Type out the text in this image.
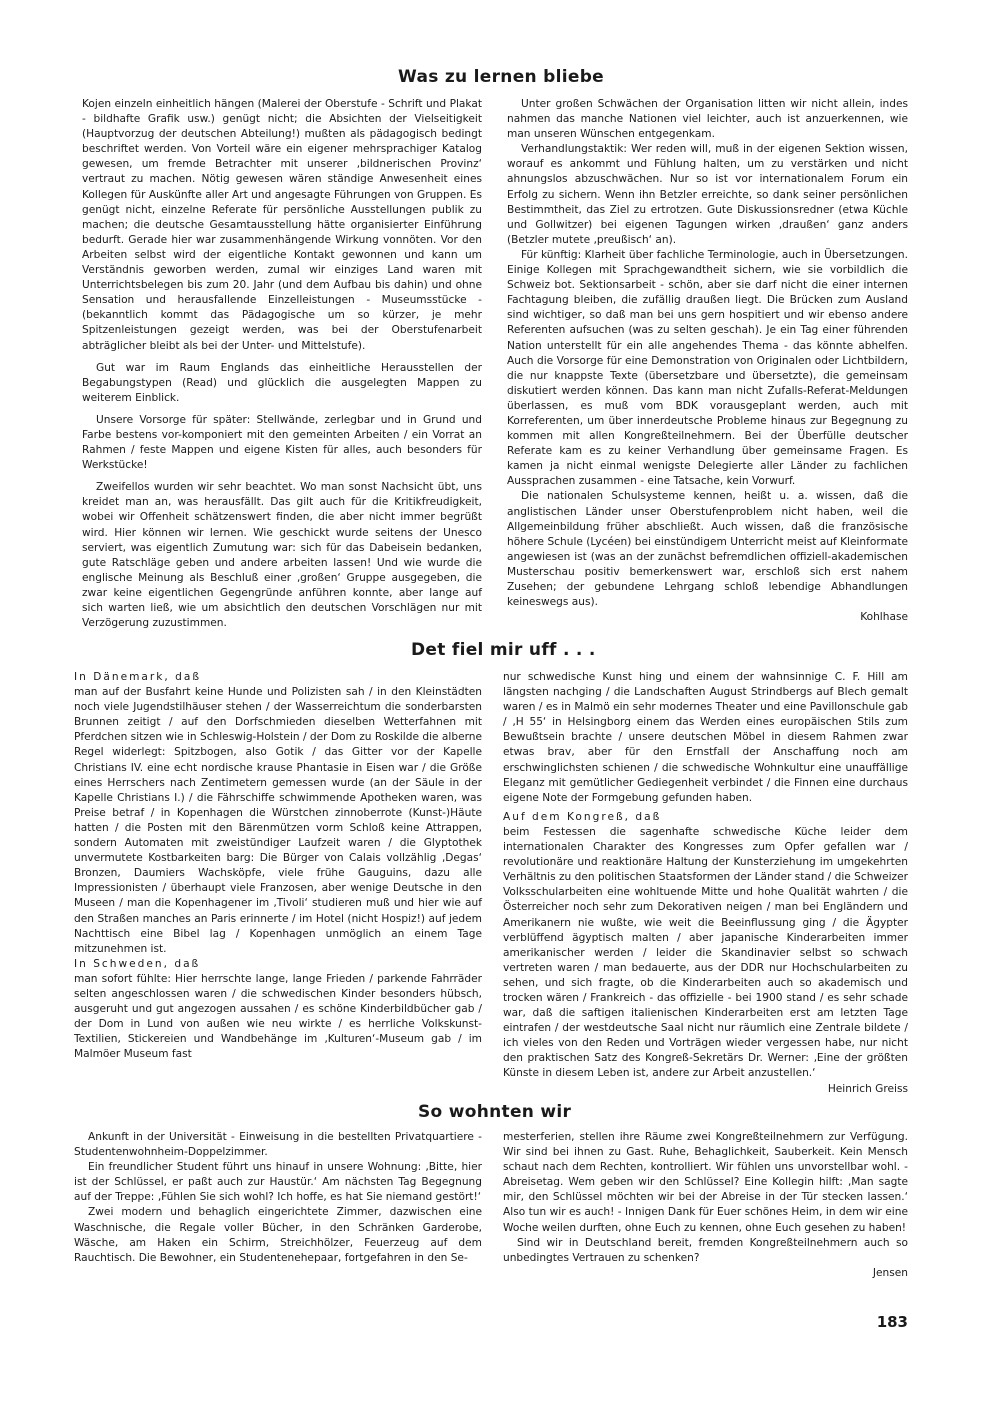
Was zu lernen bliebe

Kojen einzeln einheitlich hängen (Malerei der Oberstufe - Schrift und Plakat - bildhafte Grafik usw.) genügt nicht; die Absichten der Vielseitigkeit (Hauptvorzug der deutschen Abteilung!) mußten als pädagogisch bedingt beschriftet werden. Von Vorteil wäre ein eigener mehrsprachiger Katalog gewesen, um fremde Betrachter mit unserer ‚bildnerischen Provinz‘ vertraut zu machen. Nötig gewesen wären ständige Anwesenheit eines Kollegen für Auskünfte aller Art und angesagte Führungen von Gruppen. Es genügt nicht, einzelne Referate für persönliche Ausstellungen publik zu machen; die deutsche Gesamtausstellung hätte organisierter Einführung bedurft. Gerade hier war zusammenhängende Wirkung vonnöten. Vor den Arbeiten selbst wird der eigentliche Kontakt gewonnen und kann um Verständnis geworben werden, zumal wir einziges Land waren mit Unterrichtsbelegen bis zum 20. Jahr (und dem Aufbau bis dahin) und ohne Sensation und herausfallende Einzelleistungen - Museumsstücke - (bekanntlich kommt das Pädagogische um so kürzer, je mehr Spitzenleistungen gezeigt werden, was bei der Oberstufenarbeit abträglicher bleibt als bei der Unter- und Mittelstufe).

Gut war im Raum Englands das einheitliche Herausstellen der Begabungstypen (Read) und glücklich die ausgelegten Mappen zu weiterem Einblick.

Unsere Vorsorge für später: Stellwände, zerlegbar und in Grund und Farbe bestens vor-komponiert mit den gemeinten Arbeiten / ein Vorrat an Rahmen / feste Mappen und eigene Kisten für alles, auch besonders für Werkstücke!

Zweifellos wurden wir sehr beachtet. Wo man sonst Nachsicht übt, uns kreidet man an, was herausfällt. Das gilt auch für die Kritikfreudigkeit, wobei wir Offenheit schätzenswert finden, die aber nicht immer begrüßt wird. Hier können wir lernen. Wie geschickt wurde seitens der Unesco serviert, was eigentlich Zumutung war: sich für das Dabeisein bedanken, gute Ratschläge geben und andere arbeiten lassen! Und wie wurde die englische Meinung als Beschluß einer ‚großen‘ Gruppe ausgegeben, die zwar keine eigentlichen Gegengründe anführen konnte, aber lange auf sich warten ließ, wie um absichtlich den deutschen Vorschlägen nur mit Verzögerung zuzustimmen.

Unter großen Schwächen der Organisation litten wir nicht allein, indes nahmen das manche Nationen viel leichter, auch ist anzuerkennen, wie man unseren Wünschen entgegenkam.

Verhandlungstaktik: Wer reden will, muß in der eigenen Sektion wissen, worauf es ankommt und Fühlung halten, um zu verstärken und nicht ahnungslos abzuschwächen. Nur so ist vor internationalem Forum ein Erfolg zu sichern. Wenn ihn Betzler erreichte, so dank seiner persönlichen Bestimmtheit, das Ziel zu ertrotzen. Gute Diskussionsredner (etwa Küchle und Gollwitzer) bei eigenen Tagungen wirken ‚draußen‘ ganz anders (Betzler mutete ‚preußisch‘ an).

Für künftig: Klarheit über fachliche Terminologie, auch in Übersetzungen. Einige Kollegen mit Sprachgewandtheit sichern, wie sie vorbildlich die Schweiz bot. Sektionsarbeit - schön, aber sie darf nicht die einer internen Fachtagung bleiben, die zufällig draußen liegt. Die Brücken zum Ausland sind wichtiger, so daß man bei uns gern hospitiert und wir ebenso andere Referenten aufsuchen (was zu selten geschah). Je ein Tag einer führenden Nation unterstellt für ein alle angehendes Thema - das könnte abhelfen. Auch die Vorsorge für eine Demonstration von Originalen oder Lichtbildern, die nur knappste Texte (übersetzbare und übersetzte), die gemeinsam diskutiert werden können. Das kann man nicht Zufalls-Referat-Meldungen überlassen, es muß vom BDK vorausgeplant werden, auch mit Korreferenten, um über innerdeutsche Probleme hinaus zur Begegnung zu kommen mit allen Kongreßteilnehmern. Bei der Überfülle deutscher Referate kam es zu keiner Verhandlung über gemeinsame Fragen. Es kamen ja nicht einmal wenigste Delegierte aller Länder zu fachlichen Aussprachen zusammen - eine Tatsache, kein Vorwurf.

Die nationalen Schulsysteme kennen, heißt u. a. wissen, daß die anglistischen Länder unser Oberstufenproblem nicht haben, weil die Allgemeinbildung früher abschließt. Auch wissen, daß die französische höhere Schule (Lycéen) bei einstündigem Unterricht meist auf Kleinformate angewiesen ist (was an der zunächst befremdlichen offiziell-akademischen Musterschau positiv bemerkenswert war, erschloß sich erst nahem Zusehen; der gebundene Lehrgang schloß lebendige Abhandlungen keineswegs aus).

Kohlhase

Det fiel mir uff . . .

In Dänemark, daß

man auf der Busfahrt keine Hunde und Polizisten sah / in den Kleinstädten noch viele Jugendstilhäuser stehen / der Wasserreichtum die sonderbarsten Brunnen zeitigt / auf den Dorfschmieden dieselben Wetterfahnen mit Pferdchen sitzen wie in Schleswig-Holstein / der Dom zu Roskilde die alberne Regel widerlegt: Spitzbogen, also Gotik / das Gitter vor der Kapelle Christians IV. eine echt nordische krause Phantasie in Eisen war / die Größe eines Herrschers nach Zentimetern gemessen wurde (an der Säule in der Kapelle Christians I.) / die Fährschiffe schwimmende Apotheken waren, was Preise betraf / in Kopenhagen die Würstchen zinnoberrote (Kunst-)Häute hatten / die Posten mit den Bärenmützen vorm Schloß keine Attrappen, sondern Automaten mit zweistündiger Laufzeit waren / die Glyptothek unvermutete Kostbarkeiten barg: Die Bürger von Calais vollzählig ‚Degas‘ Bronzen, Daumiers Wachsköpfe, viele frühe Gauguins, dazu alle Impressionisten / überhaupt viele Franzosen, aber wenige Deutsche in den Museen / man die Kopenhagener im ‚Tivoli‘ studieren muß und hier wie auf den Straßen manches an Paris erinnerte / im Hotel (nicht Hospiz!) auf jedem Nachttisch eine Bibel lag / Kopenhagen unmöglich an einem Tage mitzunehmen ist.

In Schweden, daß

man sofort fühlte: Hier herrschte lange, lange Frieden / parkende Fahrräder selten angeschlossen waren / die schwedischen Kinder besonders hübsch, ausgeruht und gut angezogen aussahen / es schöne Kinderbildbücher gab / der Dom in Lund von außen wie neu wirkte / es herrliche Volkskunst-Textilien, Stickereien und Wandbehänge im ‚Kulturen‘-Museum gab / im Malmöer Museum fast

nur schwedische Kunst hing und einem der wahnsinnige C. F. Hill am längsten nachging / die Landschaften August Strindbergs auf Blech gemalt waren / es in Malmö ein sehr modernes Theater und eine Pavillonschule gab / ‚H 55‘ in Helsingborg einem das Werden eines europäischen Stils zum Bewußtsein brachte / unsere deutschen Möbel in diesem Rahmen zwar etwas brav, aber für den Ernstfall der Anschaffung noch am erschwinglichsten schienen / die schwedische Wohnkultur eine unauffällige Eleganz mit gemütlicher Gediegenheit verbindet / die Finnen eine durchaus eigene Note der Formgebung gefunden haben.

Auf dem Kongreß, daß

beim Festessen die sagenhafte schwedische Küche leider dem internationalen Charakter des Kongresses zum Opfer gefallen war / revolutionäre und reaktionäre Haltung der Kunsterziehung im umgekehrten Verhältnis zu den politischen Staatsformen der Länder stand / die Schweizer Volksschularbeiten eine wohltuende Mitte und hohe Qualität wahrten / die Österreicher noch sehr zum Dekorativen neigen / man bei Engländern und Amerikanern nie wußte, wie weit die Beeinflussung ging / die Ägypter verblüffend ägyptisch malten / aber japanische Kinderarbeiten immer amerikanischer werden / leider die Skandinavier selbst so schwach vertreten waren / man bedauerte, aus der DDR nur Hochschularbeiten zu sehen, und sich fragte, ob die Kinderarbeiten auch so akademisch und trocken wären / Frankreich - das offizielle - bei 1900 stand / es sehr schade war, daß die saftigen italienischen Kinderarbeiten erst am letzten Tage eintrafen / der westdeutsche Saal nicht nur räumlich eine Zentrale bildete / ich vieles von den Reden und Vorträgen wieder vergessen habe, nur nicht den praktischen Satz des Kongreß-Sekretärs Dr. Werner: ‚Eine der größten Künste in diesem Leben ist, andere zur Arbeit anzustellen.‘

Heinrich Greiss

So wohnten wir

Ankunft in der Universität - Einweisung in die bestellten Privatquartiere - Studentenwohnheim-Doppelzimmer.

Ein freundlicher Student führt uns hinauf in unsere Wohnung: ‚Bitte, hier ist der Schlüssel, er paßt auch zur Haustür.‘ Am nächsten Tag Begegnung auf der Treppe: ‚Fühlen Sie sich wohl? Ich hoffe, es hat Sie niemand gestört!‘

Zwei modern und behaglich eingerichtete Zimmer, dazwischen eine Waschnische, die Regale voller Bücher, in den Schränken Garderobe, Wäsche, am Haken ein Schirm, Streichhölzer, Feuerzeug auf dem Rauchtisch. Die Bewohner, ein Studentenehepaar, fortgefahren in den Se-

mesterferien, stellen ihre Räume zwei Kongreßteilnehmern zur Verfügung. Wir sind bei ihnen zu Gast. Ruhe, Behaglichkeit, Sauberkeit. Kein Mensch schaut nach dem Rechten, kontrolliert. Wir fühlen uns unvorstellbar wohl. - Abreisetag. Wem geben wir den Schlüssel? Eine Kollegin hilft: ‚Man sagte mir, den Schlüssel möchten wir bei der Abreise in der Tür stecken lassen.‘ Also tun wir es auch! - Innigen Dank für Euer schönes Heim, in dem wir eine Woche weilen durften, ohne Euch zu kennen, ohne Euch gesehen zu haben!

Sind wir in Deutschland bereit, fremden Kongreßteilnehmern auch so unbedingtes Vertrauen zu schenken?

Jensen

183
